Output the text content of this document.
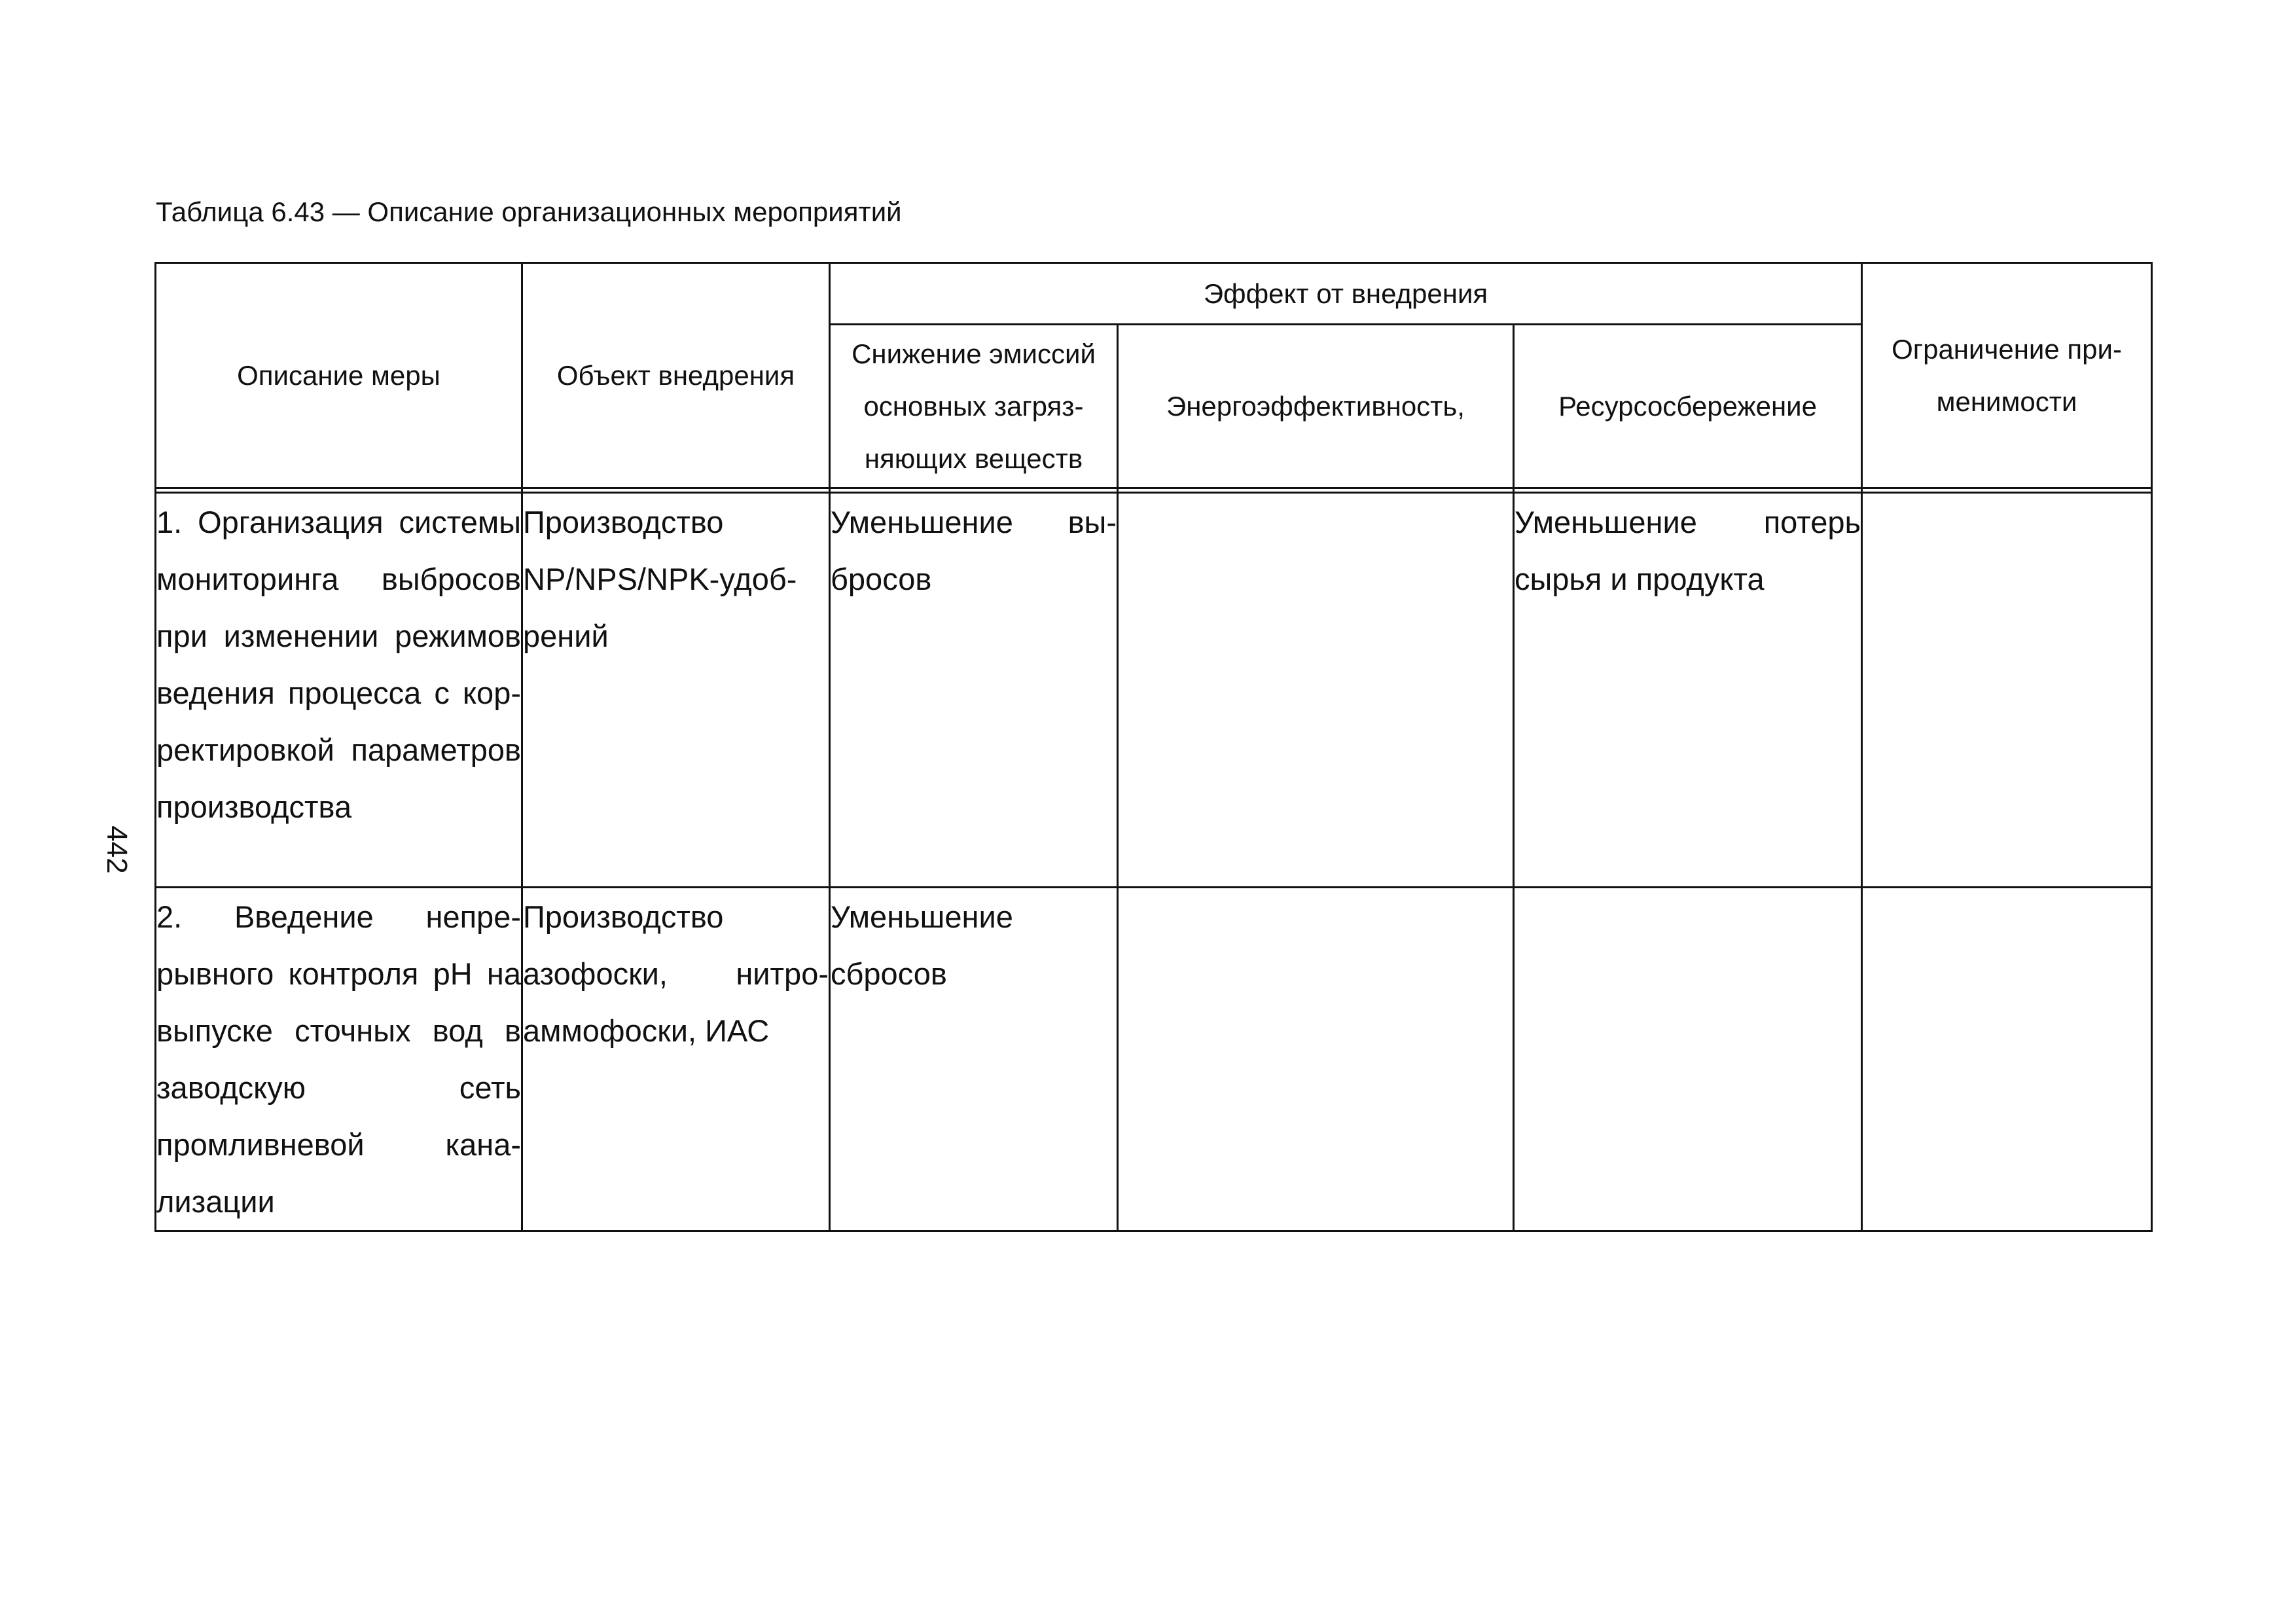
Таблица 6.43 — Описание организационных мероприятий
442
Описание меры	Объект внедрения	Эффект от внедрения			Ограничение применимости
		Снижение эмиссий основных загрязняющих веществ	Энергоэффективность,	Ресурсосбережение	

1. Организация системы мониторинга выбросов при изменении режимов ведения процесса с корректировкой параметров производства	Производство NP/NPS/NPK-удобрений	Уменьшение выбросов		Уменьшение потерь сырья и продукта	
2. Введение непрерывного контроля pH на выпуске сточных вод в заводскую сеть промливневой канализации	Производство азофоски, нитроаммофоски, ИАС	Уменьшение сбросов			
